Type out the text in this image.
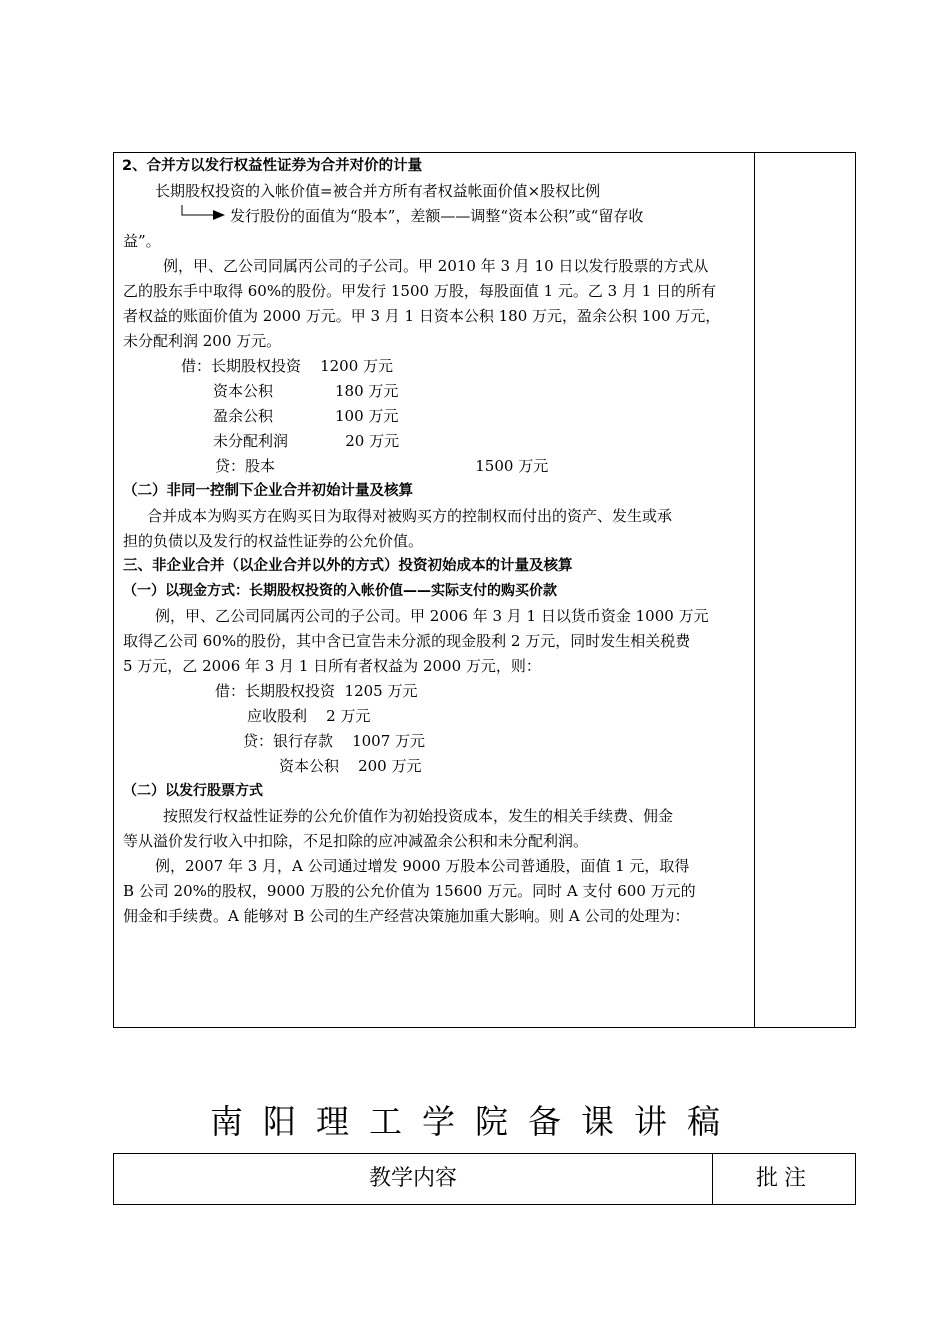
2、合并方以发行权益性证券为合并对价的计量
长期股权投资的入帐价值=被合并方所有者权益帐面价值×股权比例
发行股份的面值为“股本”，差额——调整“资本公积”或“留存收
益”。
例，甲、乙公司同属丙公司的子公司。甲 2010 年 3 月 10 日以发行股票的方式从
乙的股东手中取得 60%的股份。甲发行 1500 万股，每股面值 1 元。乙 3 月 1 日的所有
者权益的账面价值为 2000 万元。甲 3 月 1 日资本公积 180 万元，盈余公积 100 万元，
未分配利润 200 万元。
借：长期股权投资    1200 万元
资本公积             180 万元
盈余公积             100 万元
未分配利润            20 万元
贷：股本                                          1500 万元
（二）非同一控制下企业合并初始计量及核算
合并成本为购买方在购买日为取得对被购买方的控制权而付出的资产、发生或承
担的负债以及发行的权益性证券的公允价值。
三、非企业合并（以企业合并以外的方式）投资初始成本的计量及核算
（一）以现金方式：长期股权投资的入帐价值——实际支付的购买价款
例，甲、乙公司同属丙公司的子公司。甲 2006 年 3 月 1 日以货币资金 1000 万元
取得乙公司 60%的股份，其中含已宣告未分派的现金股利 2 万元，同时发生相关税费
5 万元，乙 2006 年 3 月 1 日所有者权益为 2000 万元，则：
借：长期股权投资  1205 万元
应收股利    2 万元
贷：银行存款    1007 万元
资本公积    200 万元
（二）以发行股票方式
按照发行权益性证券的公允价值作为初始投资成本，发生的相关手续费、佣金
等从溢价发行收入中扣除，不足扣除的应冲减盈余公积和未分配利润。
例，2007 年 3 月，A 公司通过增发 9000 万股本公司普通股，面值 1 元，取得
B 公司 20%的股权，9000 万股的公允价值为 15600 万元。同时 A 支付 600 万元的
佣金和手续费。A 能够对 B 公司的生产经营决策施加重大影响。则 A 公司的处理为：
南阳理工学院备课讲稿
教学内容	批注
